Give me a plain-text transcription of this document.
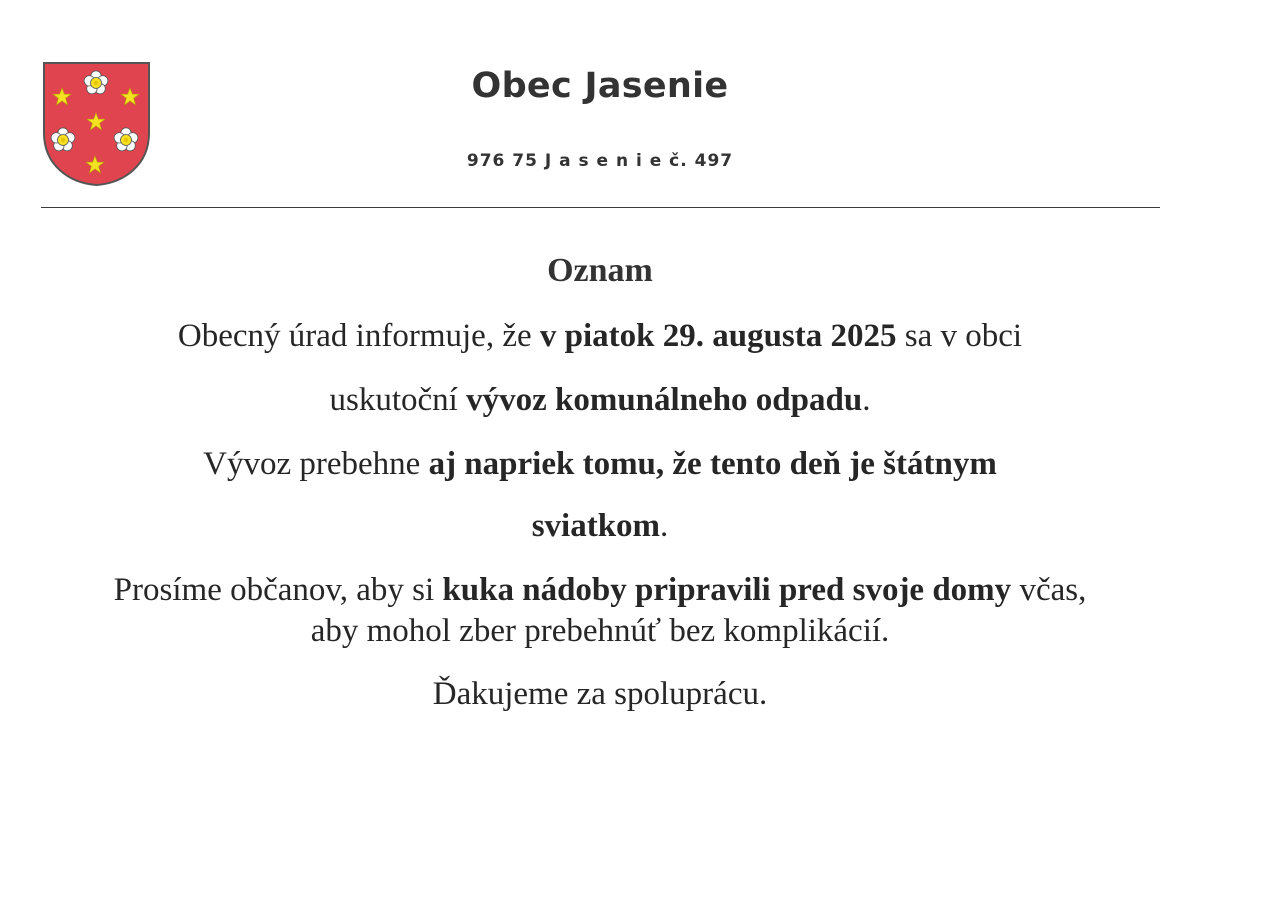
Obec Jasenie
976 75 J a s e n i e č. 497
Oznam
Obecný úrad informuje, že v piatok 29. augusta 2025 sa v obci
uskutoční vývoz komunálneho odpadu.
Vývoz prebehne aj napriek tomu, že tento deň je štátnym
sviatkom.
Prosíme občanov, aby si kuka nádoby pripravili pred svoje domy včas,
aby mohol zber prebehnúť bez komplikácií.
Ďakujeme za spoluprácu.
